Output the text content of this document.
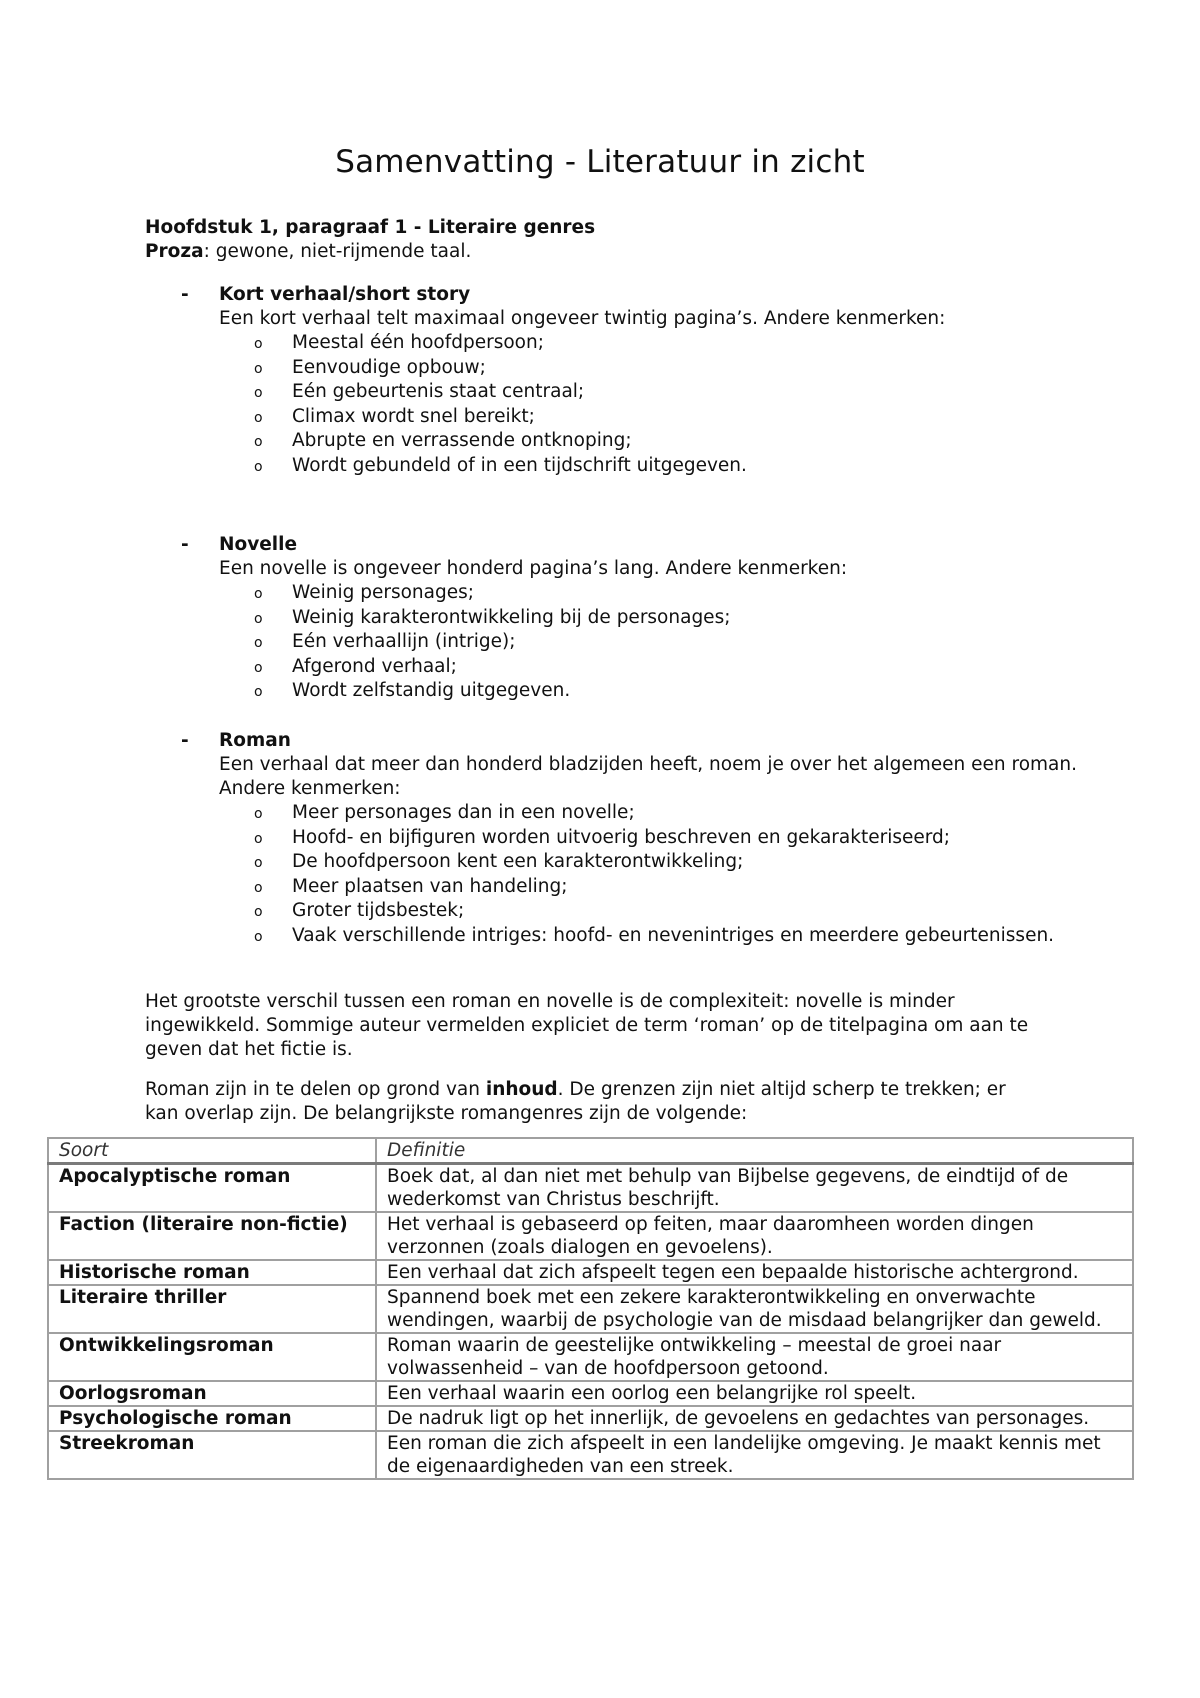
Samenvatting - Literatuur in zicht

Hoofdstuk 1, paragraaf 1 - Literaire genres

Proza: gewone, niet-rijmende taal.

- Kort verhaal/short story

Een kort verhaal telt maximaal ongeveer twintig pagina’s. Andere kenmerken:

o Meestal één hoofdpersoon;
o Eenvoudige opbouw;
o Eén gebeurtenis staat centraal;
o Climax wordt snel bereikt;
o Abrupte en verrassende ontknoping;
o Wordt gebundeld of in een tijdschrift uitgegeven.
- Novelle

Een novelle is ongeveer honderd pagina’s lang. Andere kenmerken:

o Weinig personages;
o Weinig karakterontwikkeling bij de personages;
o Eén verhaallijn (intrige);
o Afgerond verhaal;
o Wordt zelfstandig uitgegeven.
- Roman

Een verhaal dat meer dan honderd bladzijden heeft, noem je over het algemeen een roman. Andere kenmerken:

o Meer personages dan in een novelle;
o Hoofd- en bijfiguren worden uitvoerig beschreven en gekarakteriseerd;
o De hoofdpersoon kent een karakterontwikkeling;
o Meer plaatsen van handeling;
o Groter tijdsbestek;
o Vaak verschillende intriges: hoofd- en nevenintriges en meerdere gebeurtenissen.

Het grootste verschil tussen een roman en novelle is de complexiteit: novelle is minder ingewikkeld. Sommige auteur vermelden expliciet de term ‘roman’ op de titelpagina om aan te geven dat het fictie is.

Roman zijn in te delen op grond van inhoud. De grenzen zijn niet altijd scherp te trekken; er kan overlap zijn. De belangrijkste romangenres zijn de volgende:

Soort	Definitie
Apocalyptische roman	Boek dat, al dan niet met behulp van Bijbelse gegevens, de eindtijd of de wederkomst van Christus beschrijft.
Faction (literaire non-fictie)	Het verhaal is gebaseerd op feiten, maar daaromheen worden dingen verzonnen (zoals dialogen en gevoelens).
Historische roman	Een verhaal dat zich afspeelt tegen een bepaalde historische achtergrond.
Literaire thriller	Spannend boek met een zekere karakterontwikkeling en onverwachte wendingen, waarbij de psychologie van de misdaad belangrijker dan geweld.
Ontwikkelingsroman	Roman waarin de geestelijke ontwikkeling – meestal de groei naar volwassenheid – van de hoofdpersoon getoond.
Oorlogsroman	Een verhaal waarin een oorlog een belangrijke rol speelt.
Psychologische roman	De nadruk ligt op het innerlijk, de gevoelens en gedachtes van personages.
Streekroman	Een roman die zich afspeelt in een landelijke omgeving. Je maakt kennis met de eigenaardigheden van een streek.
